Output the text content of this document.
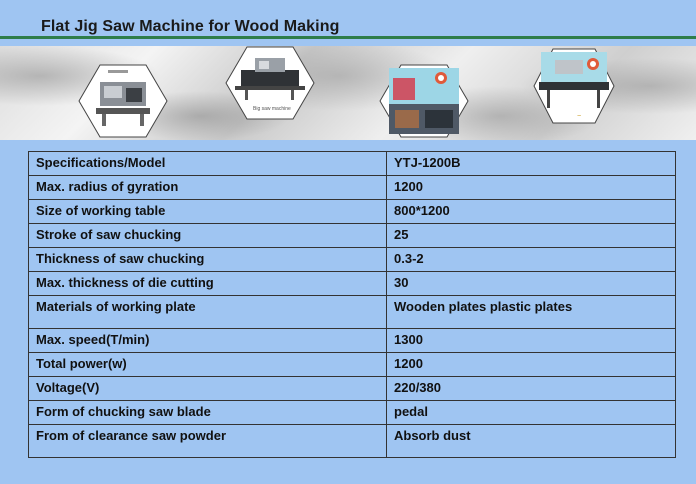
Flat Jig Saw Machine for Wood Making
Big saw machine
~
Specifications/Model	YTJ-1200B
Max. radius of gyration	1200
Size of working table	800*1200
Stroke of saw chucking	25
Thickness of saw chucking	0.3-2
Max. thickness of die cutting	30
Materials of working plate	Wooden plates plastic plates
Max. speed(T/min)	1300
Total power(w)	1200
Voltage(V)	220/380
Form of chucking saw blade	pedal
From of clearance saw powder	Absorb dust
